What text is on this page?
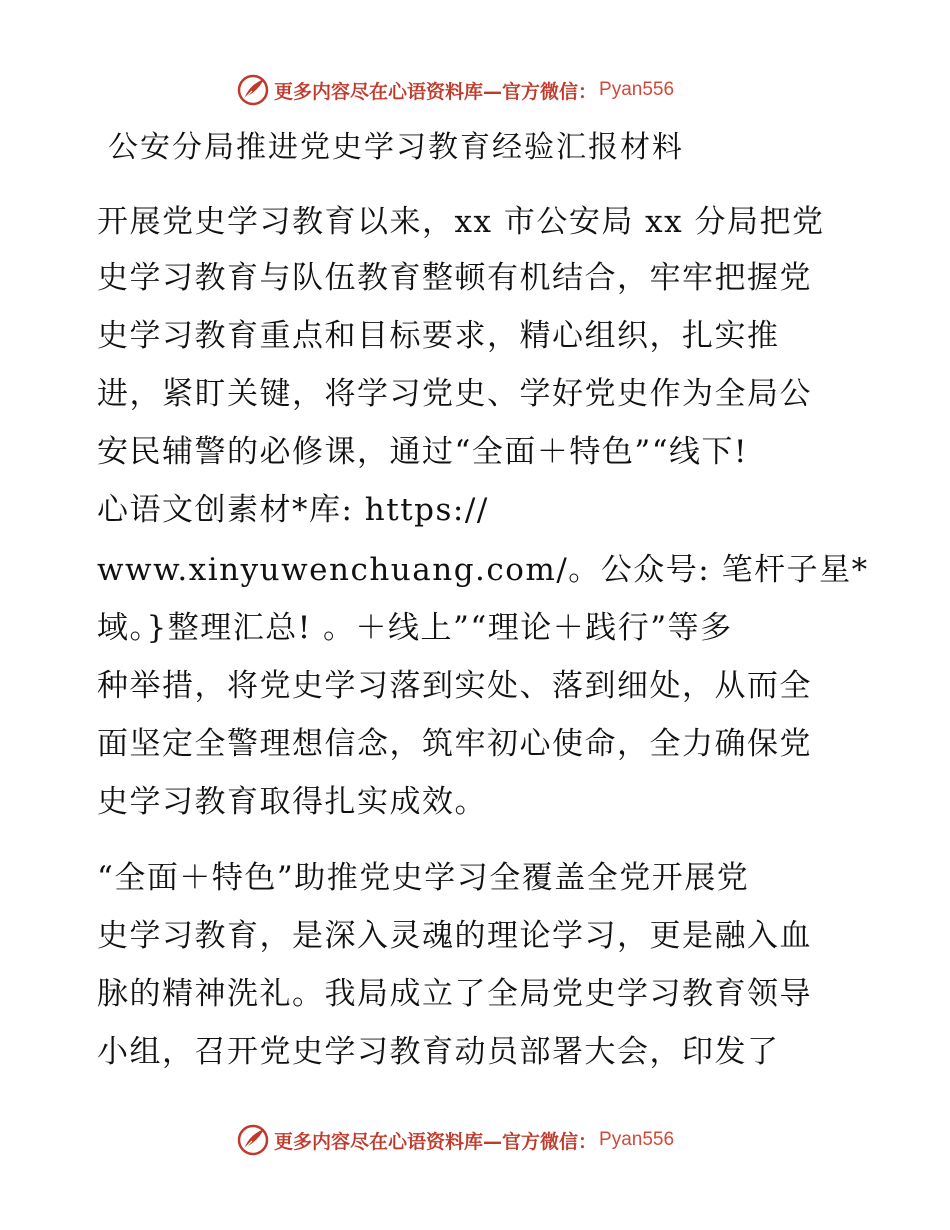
更多内容尽在心语资料库—官方微信： Pyan556
公安分局推进党史学习教育经验汇报材料
开展党史学习教育以来，xx 市公安局 xx 分局把党
史学习教育与队伍教育整顿有机结合，牢牢把握党
史学习教育重点和目标要求，精心组织，扎实推
进，紧盯关键，将学习党史、学好党史作为全局公
安民辅警的必修课，通过“全面＋特色”“线下!
心语文创素材*库: https://
www.xinyuwenchuang.com/。公众号: 笔杆子星*
域。}整理汇总! 。＋线上”“理论＋践行”等多
种举措，将党史学习落到实处、落到细处，从而全
面坚定全警理想信念，筑牢初心使命，全力确保党
史学习教育取得扎实成效。
“全面＋特色”助推党史学习全覆盖全党开展党
史学习教育，是深入灵魂的理论学习，更是融入血
脉的精神洗礼。我局成立了全局党史学习教育领导
小组，召开党史学习教育动员部署大会，印发了
更多内容尽在心语资料库—官方微信： Pyan556
